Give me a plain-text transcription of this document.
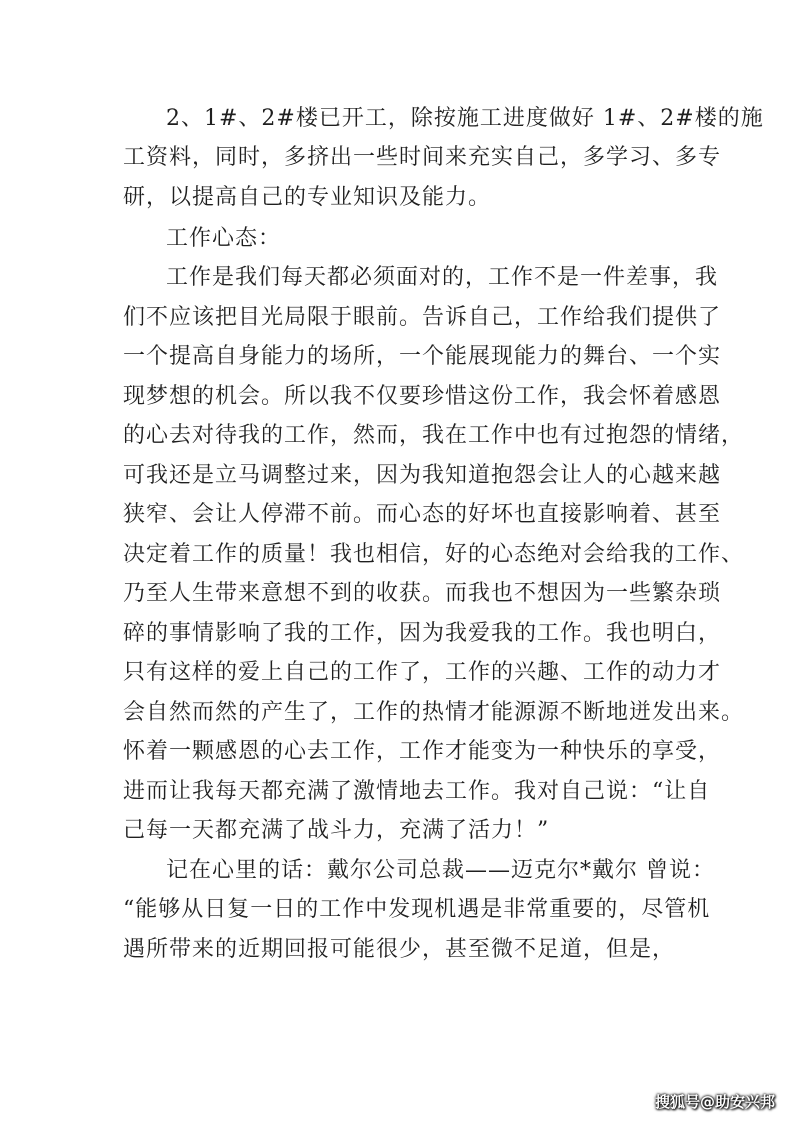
2、1#、2#楼已开工，除按施工进度做好 1#、2#楼的施
工资料，同时，多挤出一些时间来充实自己，多学习、多专
研，以提高自己的专业知识及能力。
工作心态：
工作是我们每天都必须面对的，工作不是一件差事，我
们不应该把目光局限于眼前。告诉自己，工作给我们提供了
一个提高自身能力的场所，一个能展现能力的舞台、一个实
现梦想的机会。所以我不仅要珍惜这份工作，我会怀着感恩
的心去对待我的工作，然而，我在工作中也有过抱怨的情绪，
可我还是立马调整过来，因为我知道抱怨会让人的心越来越
狭窄、会让人停滞不前。而心态的好坏也直接影响着、甚至
决定着工作的质量！我也相信，好的心态绝对会给我的工作、
乃至人生带来意想不到的收获。而我也不想因为一些繁杂琐
碎的事情影响了我的工作，因为我爱我的工作。我也明白，
只有这样的爱上自己的工作了，工作的兴趣、工作的动力才
会自然而然的产生了，工作的热情才能源源不断地迸发出来。
怀着一颗感恩的心去工作，工作才能变为一种快乐的享受，
进而让我每天都充满了激情地去工作。我对自己说：“让自
己每一天都充满了战斗力，充满了活力！”
记在心里的话：戴尔公司总裁——迈克尔*戴尔 曾说：
“能够从日复一日的工作中发现机遇是非常重要的，尽管机
遇所带来的近期回报可能很少，甚至微不足道，但是，
搜狐号@助安兴邦
